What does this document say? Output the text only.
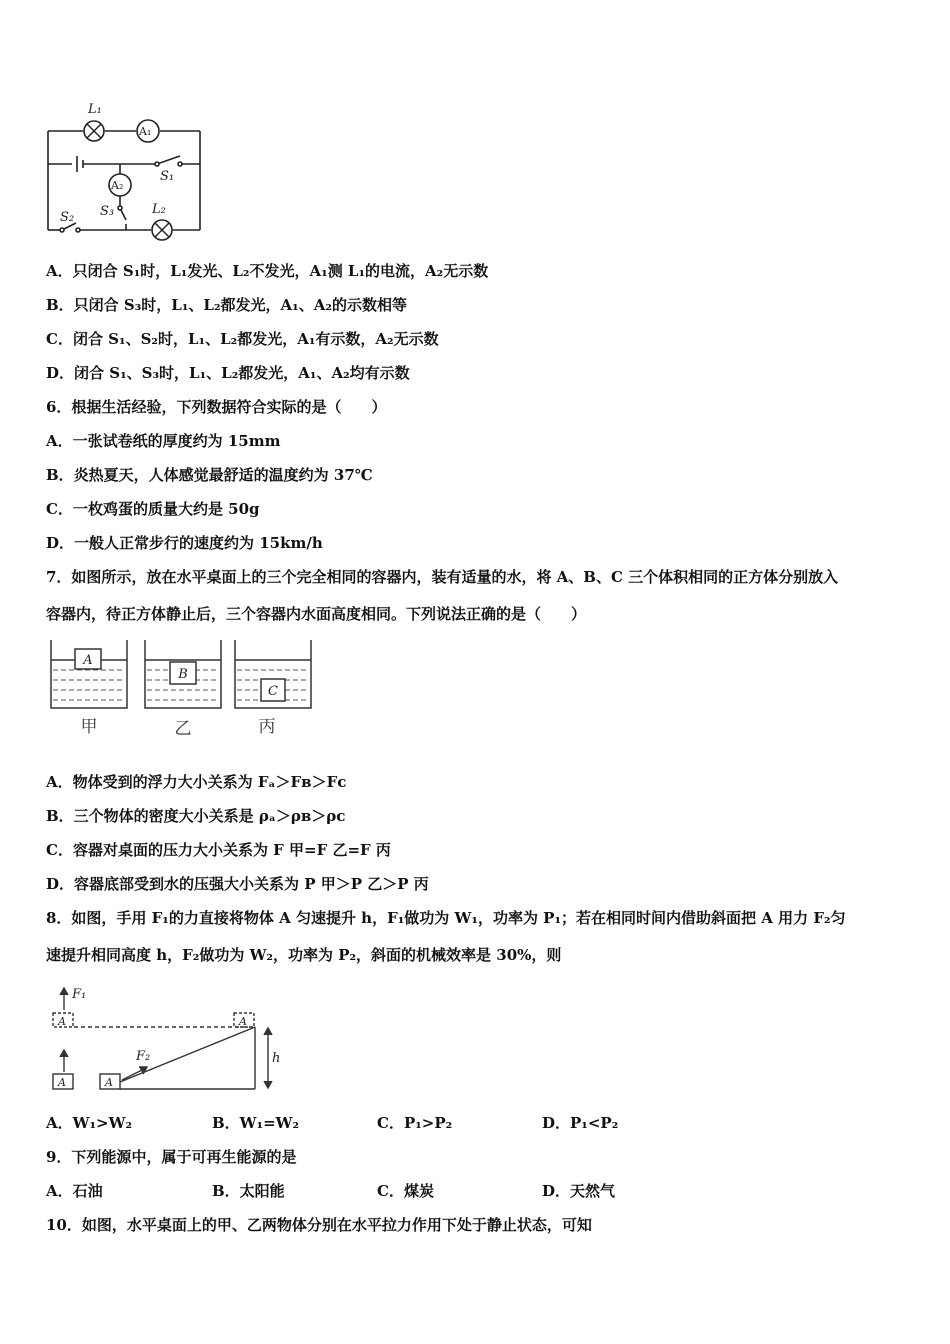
L₁
A₁
A₂
S₁
S₂ S₃	L₂
A．只闭合 S₁时，L₁发光、L₂不发光，A₁测 L₁的电流，A₂无示数
B．只闭合 S₃时，L₁、L₂都发光，A₁、A₂的示数相等
C．闭合 S₁、S₂时，L₁、L₂都发光，A₁有示数，A₂无示数
D．闭合 S₁、S₃时，L₁、L₂都发光，A₁、A₂均有示数
6．根据生活经验，下列数据符合实际的是（　　）
A．一张试卷纸的厚度约为 15mm
B．炎热夏天，人体感觉最舒适的温度约为 37℃
C．一枚鸡蛋的质量大约是 50g
D．一般人正常步行的速度约为 15km/h
7．如图所示，放在水平桌面上的三个完全相同的容器内，装有适量的水，将 A、B、C 三个体积相同的正方体分别放入
容器内，待正方体静止后，三个容器内水面高度相同。下列说法正确的是（　　）
A
B
C
甲	乙	丙
A．物体受到的浮力大小关系为 Fₐ＞Fʙ＞Fᴄ
B．三个物体的密度大小关系是 ρₐ＞ρʙ＞ρᴄ
C．容器对桌面的压力大小关系为 F 甲=F 乙=F 丙
D．容器底部受到水的压强大小关系为 P 甲＞P 乙＞P 丙
8．如图，手用 F₁的力直接将物体 A 匀速提升 h，F₁做功为 W₁，功率为 P₁；若在相同时间内借助斜面把 A 用力 F₂匀
速提升相同高度 h，F₂做功为 W₂，功率为 P₂，斜面的机械效率是 30%，则
F₁
A
A	A
A
F₂	h
A．W₁>W₂	B．W₁=W₂	C．P₁>P₂	D．P₁<P₂
9．下列能源中，属于可再生能源的是
A．石油	B．太阳能	C．煤炭	D．天然气
10．如图，水平桌面上的甲、乙两物体分别在水平拉力作用下处于静止状态，可知
